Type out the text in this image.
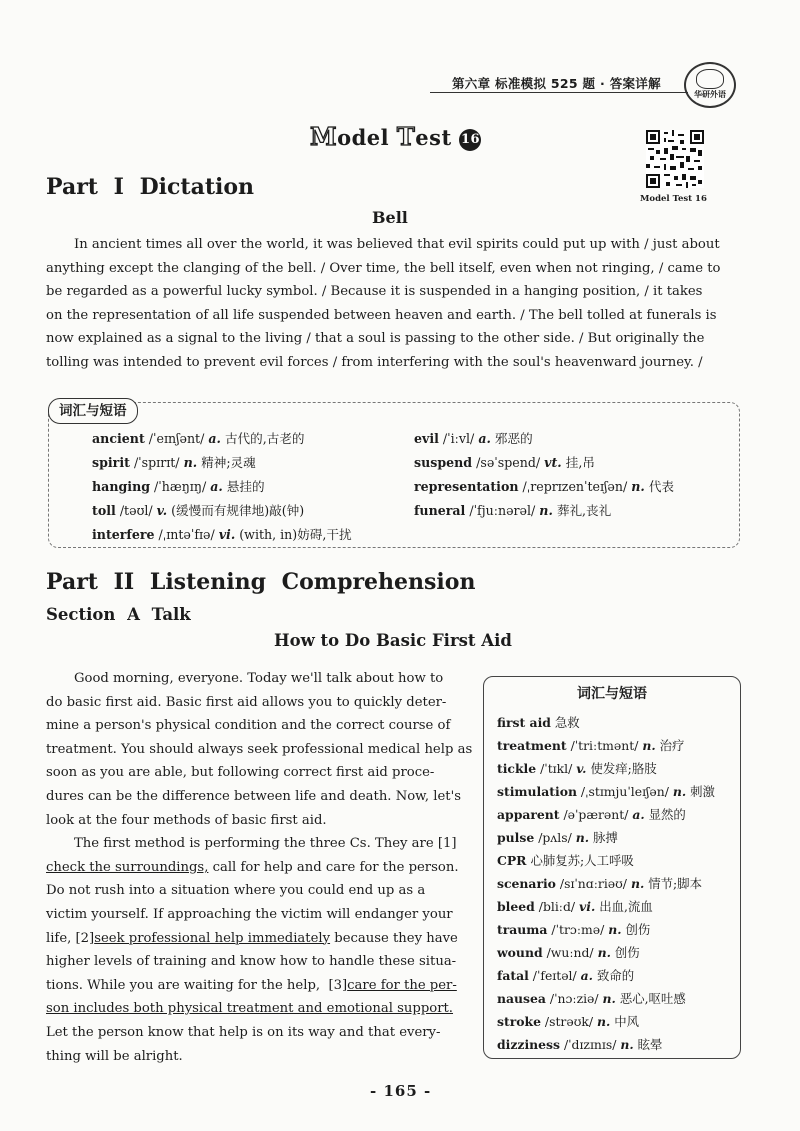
第六章 标准模拟 525 题 · 答案详解
华研外语
Model Test 16
Model Test 16
Part I Dictation
Bell
In ancient times all over the world, it was believed that evil spirits could put up with / just about
anything except the clanging of the bell. / Over time, the bell itself, even when not ringing, / came to
be regarded as a powerful lucky symbol. / Because it is suspended in a hanging position, / it takes
on the representation of all life suspended between heaven and earth. / The bell tolled at funerals is
now explained as a signal to the living / that a soul is passing to the other side. / But originally the
tolling was intended to prevent evil forces / from interfering with the soul's heavenward journey. /
词汇与短语
ancient /ˈeɪnʃənt/ a. 古代的,古老的
spirit /ˈspɪrɪt/ n. 精神;灵魂
hanging /ˈhæŋɪŋ/ a. 悬挂的
toll /təʊl/ v. (缓慢而有规律地)敲(钟)
interfere /ˌɪntəˈfɪə/ vi. (with, in)妨碍,干扰
evil /ˈiːvl/ a. 邪恶的
suspend /səˈspend/ vt. 挂,吊
representation /ˌreprɪzenˈteɪʃən/ n. 代表
funeral /ˈfjuːnərəl/ n. 葬礼,丧礼
Part II Listening Comprehension
Section A Talk
How to Do Basic First Aid
Good morning, everyone. Today we'll talk about how to
do basic first aid. Basic first aid allows you to quickly deter-
mine a person's physical condition and the correct course of
treatment. You should always seek professional medical help as
soon as you are able, but following correct first aid proce-
dures can be the difference between life and death. Now, let's
look at the four methods of basic first aid.
The first method is performing the three Cs. They are [1]
check the surroundings, call for help and care for the person.
Do not rush into a situation where you could end up as a
victim yourself. If approaching the victim will endanger your
life, [2]seek professional help immediately because they have
higher levels of training and know how to handle these situa-
tions. While you are waiting for the help,  [3]care for the per-
son includes both physical treatment and emotional support.
Let the person know that help is on its way and that every-
thing will be alright.
词汇与短语
first aid 急救
treatment /ˈtriːtmənt/ n. 治疗
tickle /ˈtɪkl/ v. 使发痒;胳肢
stimulation /ˌstɪmjuˈleɪʃən/ n. 刺激
apparent /əˈpærənt/ a. 显然的
pulse /pʌls/ n. 脉搏
CPR 心肺复苏;人工呼吸
scenario /sɪˈnɑːriəʊ/ n. 情节;脚本
bleed /bliːd/ vi. 出血,流血
trauma /ˈtrɔːmə/ n. 创伤
wound /wuːnd/ n. 创伤
fatal /ˈfeɪtəl/ a. 致命的
nausea /ˈnɔːziə/ n. 恶心,呕吐感
stroke /strəʊk/ n. 中风
dizziness /ˈdɪzɪnɪs/ n. 眩晕
- 165 -
